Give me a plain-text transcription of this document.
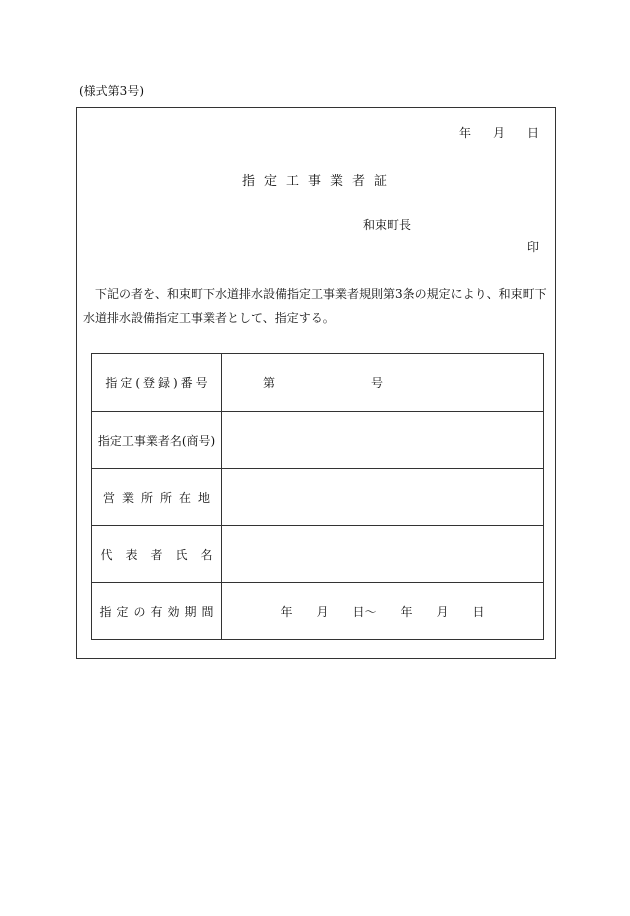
(様式第3号)
年 月 日
指定工事業者証
和束町長
印
下記の者を、和束町下水道排水設備指定工事業者規則第3条の規定により、和束町下水道排水設備指定工事業者として、指定する。
指定(登録)番号	第	号
指定工事業者名(商号)
営業所所在地
代表者氏名
指定の有効期間	年　　月　　日～　　年　　月　　日
